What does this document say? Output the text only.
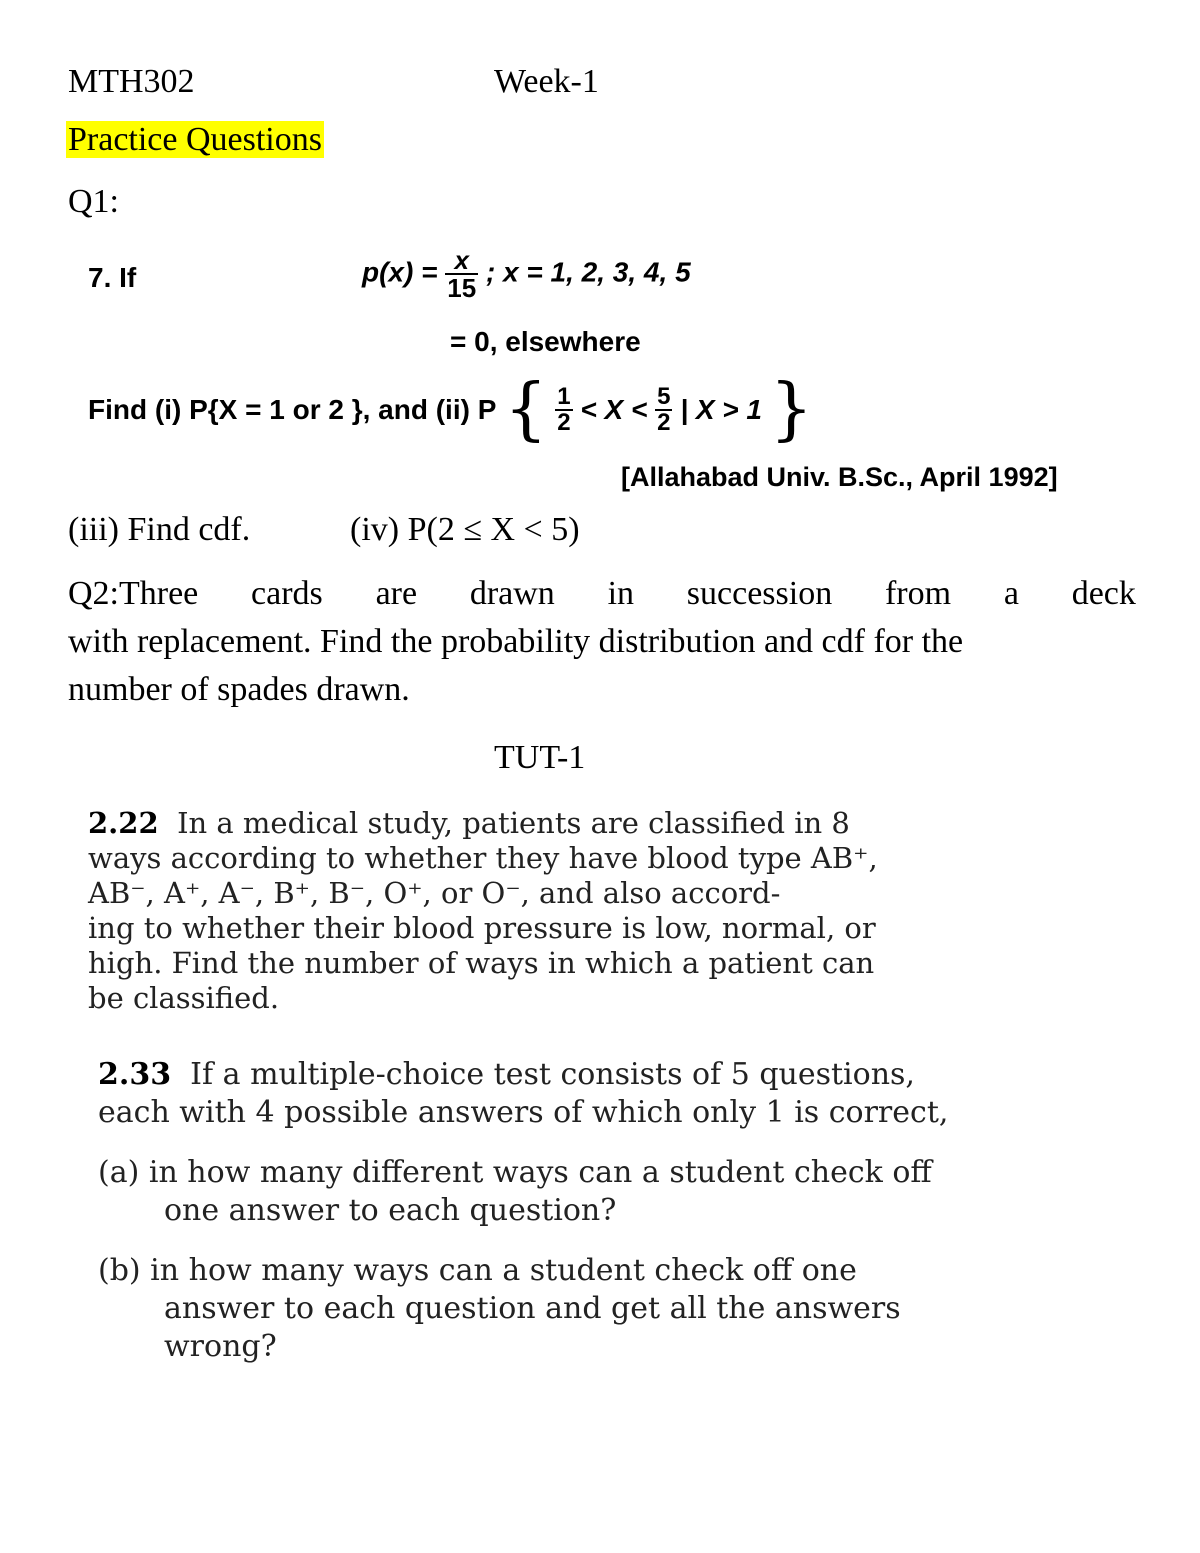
MTH302	Week-1
Practice Questions
Q1:
7. If	$p(x) = \frac{x}{15}$ ; x = 1, 2, 3, 4, 5
= 0, elsewhere
Find (i) P{X = 1 or 2 }, and (ii) P { $\frac{1}{2} < X < \frac{5}{2}$ | X > 1 }
[Allahabad Univ. B.Sc., April 1992]
(iii) Find cdf.	(iv) P(2 ≤ X < 5)
Q2:Three cards are drawn in succession from a deck
with replacement. Find the probability distribution and cdf for the
number of spades drawn.
TUT-1
2.22 In a medical study, patients are classified in 8
ways according to whether they have blood type AB⁺,
AB⁻, A⁺, A⁻, B⁺, B⁻, O⁺, or O⁻, and also accord-
ing to whether their blood pressure is low, normal, or
high. Find the number of ways in which a patient can
be classified.
2.33 If a multiple-choice test consists of 5 questions,
each with 4 possible answers of which only 1 is correct,
(a) in how many different ways can a student check off
one answer to each question?
(b) in how many ways can a student check off one
answer to each question and get all the answers
wrong?
